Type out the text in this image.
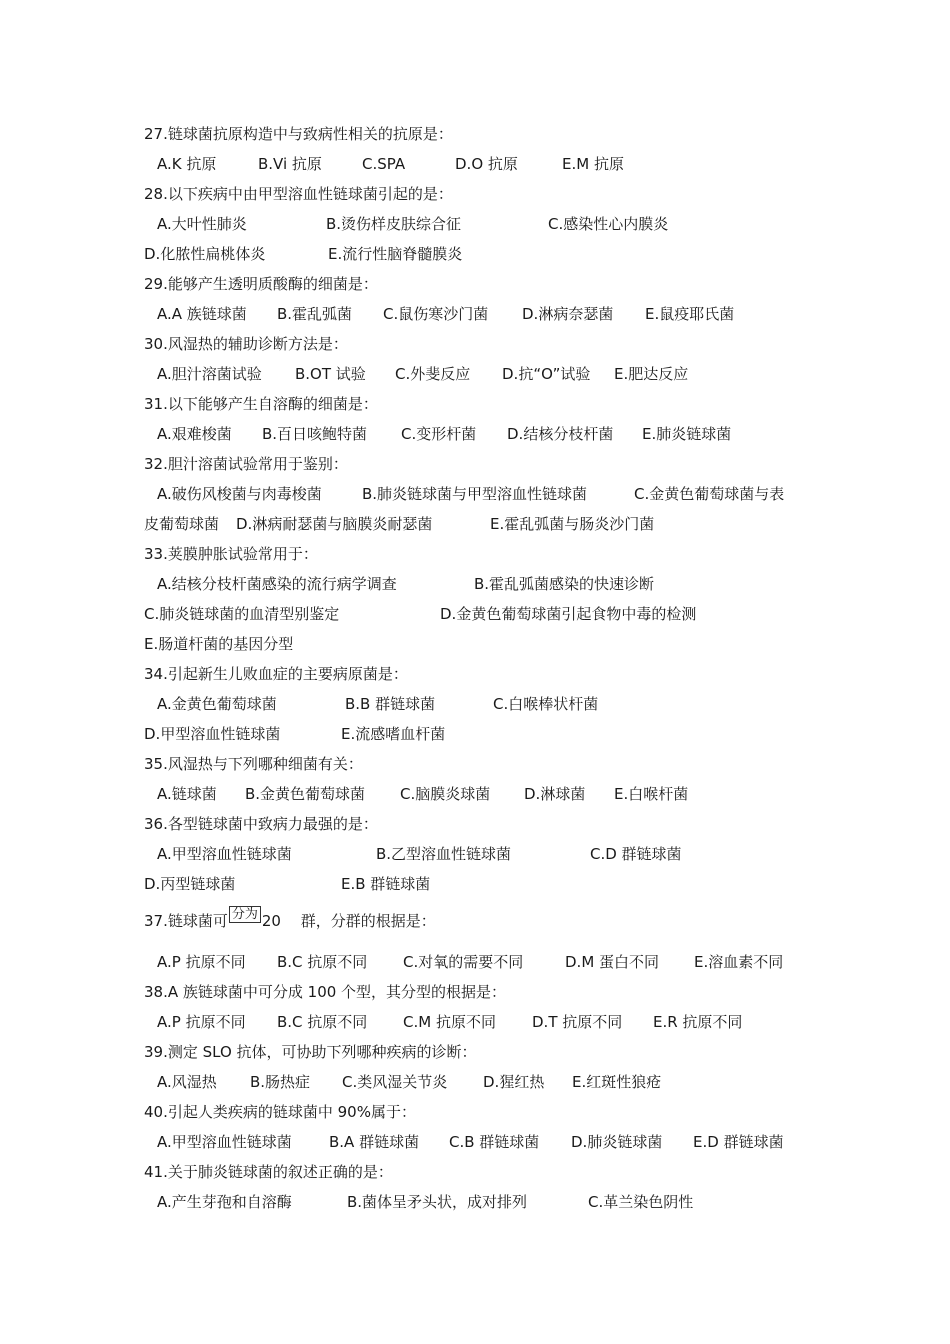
27.链球菌抗原构造中与致病性相关的抗原是：
A.K 抗原	B.Vi 抗原	C.SPA	D.O 抗原	E.M 抗原
28.以下疾病中由甲型溶血性链球菌引起的是：
A.大叶性肺炎	B.烫伤样皮肤综合征	C.感染性心内膜炎
D.化脓性扁桃体炎	E.流行性脑脊髓膜炎
29.能够产生透明质酸酶的细菌是：
A.A 族链球菌 B.霍乱弧菌 C.鼠伤寒沙门菌 D.淋病奈瑟菌 E.鼠疫耶氏菌
30.风湿热的辅助诊断方法是：
A.胆汁溶菌试验 B.OT 试验 C.外斐反应 D.抗“O”试验 E.肥达反应
31.以下能够产生自溶酶的细菌是：
A.艰难梭菌 B.百日咳鲍特菌 C.变形杆菌 D.结核分枝杆菌 E.肺炎链球菌
32.胆汁溶菌试验常用于鉴别：
A.破伤风梭菌与肉毒梭菌	B.肺炎链球菌与甲型溶血性链球菌	C.金黄色葡萄球菌与表
皮葡萄球菌 D.淋病耐瑟菌与脑膜炎耐瑟菌	E.霍乱弧菌与肠炎沙门菌
33.荚膜肿胀试验常用于：
A.结核分枝杆菌感染的流行病学调查	B.霍乱弧菌感染的快速诊断
C.肺炎链球菌的血清型别鉴定	D.金黄色葡萄球菌引起食物中毒的检测
E.肠道杆菌的基因分型
34.引起新生儿败血症的主要病原菌是：
A.金黄色葡萄球菌	B.B 群链球菌	C.白喉棒状杆菌
D.甲型溶血性链球菌	E.流感嗜血杆菌
35.风湿热与下列哪种细菌有关：
A.链球菌 B.金黄色葡萄球菌 C.脑膜炎球菌 D.淋球菌 E.白喉杆菌
36.各型链球菌中致病力最强的是：
A.甲型溶血性链球菌	B.乙型溶血性链球菌	C.D 群链球菌
D.丙型链球菌	E.B 群链球菌
37.链球菌可 分为 20　 群，分群的根据是：
A.P 抗原不同 B.C 抗原不同 C.对氧的需要不同	D.M 蛋白不同 E.溶血素不同
38.A 族链球菌中可分成 100 个型，其分型的根据是：
A.P 抗原不同 B.C 抗原不同 C.M 抗原不同 D.T 抗原不同 E.R 抗原不同
39.测定 SLO 抗体，可协助下列哪种疾病的诊断：
A.风湿热 B.肠热症 C.类风湿关节炎 D.猩红热 E.红斑性狼疮
40.引起人类疾病的链球菌中 90%属于：
A.甲型溶血性链球菌 B.A 群链球菌 C.B 群链球菌 D.肺炎链球菌 E.D 群链球菌
41.关于肺炎链球菌的叙述正确的是：
A.产生芽孢和自溶酶	B.菌体呈矛头状，成对排列	C.革兰染色阴性
